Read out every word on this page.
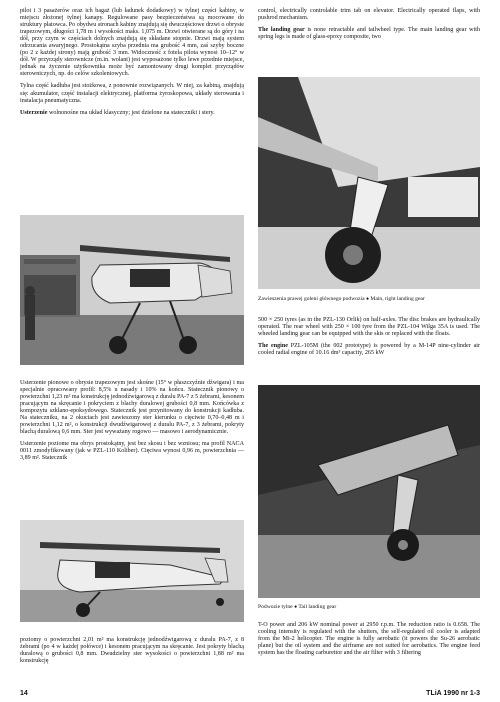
pilot i 3 pasażerów oraz ich bagaż (lub ładunek dodatkowy) w tylnej części kabiny, w miejscu złożonej tylnej kanapy. Regulowane pasy bezpieczeństwa są mocowane do struktury płatowca. Po obydwu stronach kabiny znajdują się dwuczęściowe drzwi o obrysie trapezowym, długości 1,78 m i wysokości maks. 1,075 m. Drzwi otwierane są do góry i na dół, przy czym w częściach dolnych znajdują się składane stopnie. Drzwi mają system odrzucania awaryjnego. Prostokątna szyba przednia ma grubość 4 mm, zaś szyby boczne (po 2 z każdej strony) mają grubość 3 mm. Widoczność z fotela pilota wynosi 10–12° w dół. W przyrządy sterownicze (m.in. wolant) jest wyposażone tylko lewe przednie miejsce, jednak na życzenie użytkownika może być zamontowany drugi komplet przyrządów sterowniczych, np. do celów szkoleniowych.

Tylna część kadłuba jest stożkowa, z ponownie rozwiązanych. W niej, za kabiną, znajdują się: akumulator, część instalacji elektrycznej, platforma żyroskopowa, układy sterowania i instalacja pneumatyczna.

Usterzenie wolnonośne ma układ klasyczny; jest dzielone na stateczniki i stery.

Usterzenie pionowe o obrysie trapezowym jest skośne (15° w płaszczyźnie dźwigara) i ma specjalnie opracowany profil: 8,5% u nasady i 10% na końcu. Statecznik pionowy o powierzchni 1,23 m² ma konstrukcję jednodźwigarową z duralu PA-7 z 5 żebrami, kesonem pracującym na skręcanie i pokryciem z blachy duralowej grubości 0,8 mm. Końcówka z kompozytu szklano-epoksydowego. Statecznik jest przynitowany do konstrukcji kadłuba. Na stateczniku, na 2 okuciach jest zawieszony ster kierunku o cięciwie 0,70–0,48 m i powierzchni 1,12 m², o konstrukcji dwudźwigarowej z duralu PA-7, z 3 żebrami, pokryty blachą duralową 0,6 mm. Ster jest wyważany rogowo — masowo i aerodynamicznie.

Usterzenie poziome ma obrys prostokątny, jest bez skosu i bez wzniosu; ma profil NACA 0011 zmodyfikowany (jak w PZL-110 Koliber). Cięciwa wynosi 0,96 m, powierzchnia — 3,89 m². Statecznik

poziomy o powierzchni 2,01 m² ma konstrukcję jednodźwigarową z duralu PA-7, z 8 żebrami (po 4 w każdej połówce) i kesonem pracującym na skręcanie. Jest pokryty blachą duralową o grubości 0,8 mm. Dwudzielny ster wysokości o powierzchni 1,88 m² ma konstrukcję

control, electrically controlable trim tab on elevator. Electrically operated flaps, with pushrod mechanism.

The landing gear is none retractable and tailwheel type. The main landing gear with spring legs is made of glass-epoxy composite, two

Zawieszenia prawej goleni głównego podwozia ● Main, right landing gear

500 × 250 tyres (as in the PZL-130 Orlik) on half-axles. The disc brakes are hydraulically operated. The rear wheel with 250 × 100 tyre from the PZL-104 Wilga 35A is used. The wheeled landing gear can be equipped with the skis or replaced with the floats.

The engine PZL-105M (the 002 prototype) is powered by a M-14P nine-cylinder air cooled radial engine of 10.16 dm³ capacity, 265 kW

Podwozie tylne ● Tail landing gear

T-O power and 206 kW nominal power at 2950 r.p.m. The reduction ratio is 0.658. The cooling intensity is regulated with the shutters, the self-regulated oil cooler is adapted from the Mi-2 helicopter. The engine is fully aerobatic (it powers the Su-26 aerobatic plane) but the oil system and the airframe are not suited for aerobatics. The engine feed system has the floating carburettor and the air filter with 3 filtering

14	TLiA 1990 nr 1-3
